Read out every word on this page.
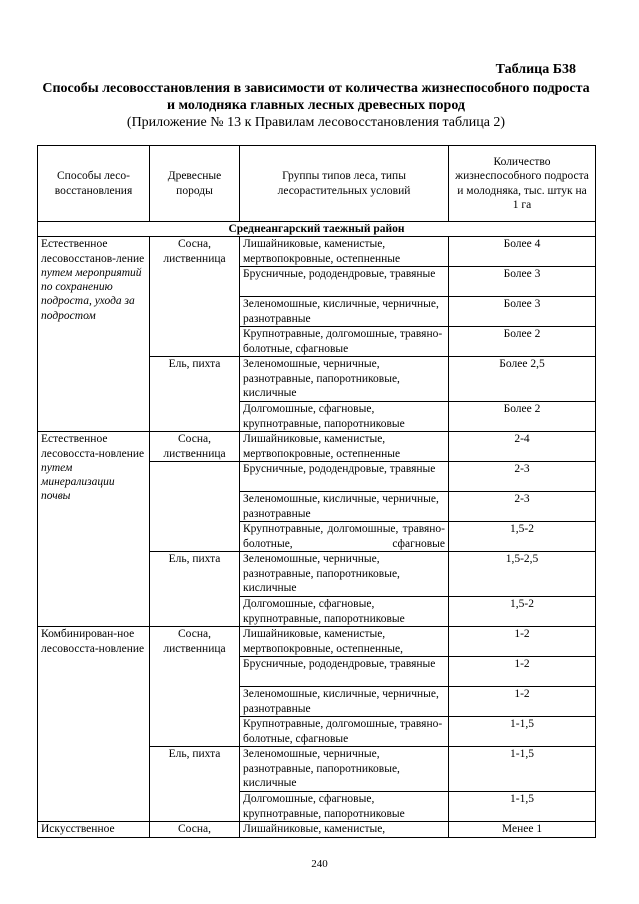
Таблица Б38
Способы лесовосстановления в зависимости от количества жизнеспособного подроста и молодняка главных лесных древесных пород
(Приложение № 13 к Правилам лесовосстановления таблица 2)
Способы лесо-восстановления	Древесные породы	Группы типов леса, типы лесорастительных условий	Количество жизнеспособного подроста и молодняка, тыс. штук на 1 га
Среднеангарский таежный район			
Естественное лесовосстанов-ление путем мероприятий по сохранению подроста, ухода за подростом	Сосна, лиственница	Лишайниковые, каменистые, мертвопокровные, остепненные	Более 4
		Брусничные, рододендровые, травяные	Более 3
		Зеленомошные, кисличные, черничные, разнотравные	Более 3
		Крупнотравные, долгомошные, травяно-болотные, сфагновые	Более 2
	Ель, пихта	Зеленомошные, черничные, разнотравные, папоротниковые, кисличные	Более 2,5
		Долгомошные, сфагновые, крупнотравные, папоротниковые	Более 2
Естественное лесовосста-новление путем минерализации почвы	Сосна, лиственница	Лишайниковые, каменистые, мертвопокровные, остепненные	2-4
		Брусничные, рододендровые, травяные	2-3
		Зеленомошные, кисличные, черничные, разнотравные	2-3
		Крупнотравные, долгомошные, травяно-болотные, сфагновые	1,5-2
	Ель, пихта	Зеленомошные, черничные, разнотравные, папоротниковые, кисличные	1,5-2,5
		Долгомошные, сфагновые, крупнотравные, папоротниковые	1,5-2
Комбинирован-ное лесовосста-новление	Сосна, лиственница	Лишайниковые, каменистые, мертвопокровные, остепненные,	1-2
		Брусничные, рододендровые, травяные	1-2
		Зеленомошные, кисличные, черничные, разнотравные	1-2
		Крупнотравные, долгомошные, травяно-болотные, сфагновые	1-1,5
	Ель, пихта	Зеленомошные, черничные, разнотравные, папоротниковые, кисличные	1-1,5
		Долгомошные, сфагновые, крупнотравные, папоротниковые	1-1,5
Искусственное	Сосна,	Лишайниковые, каменистые,	Менее 1
240
